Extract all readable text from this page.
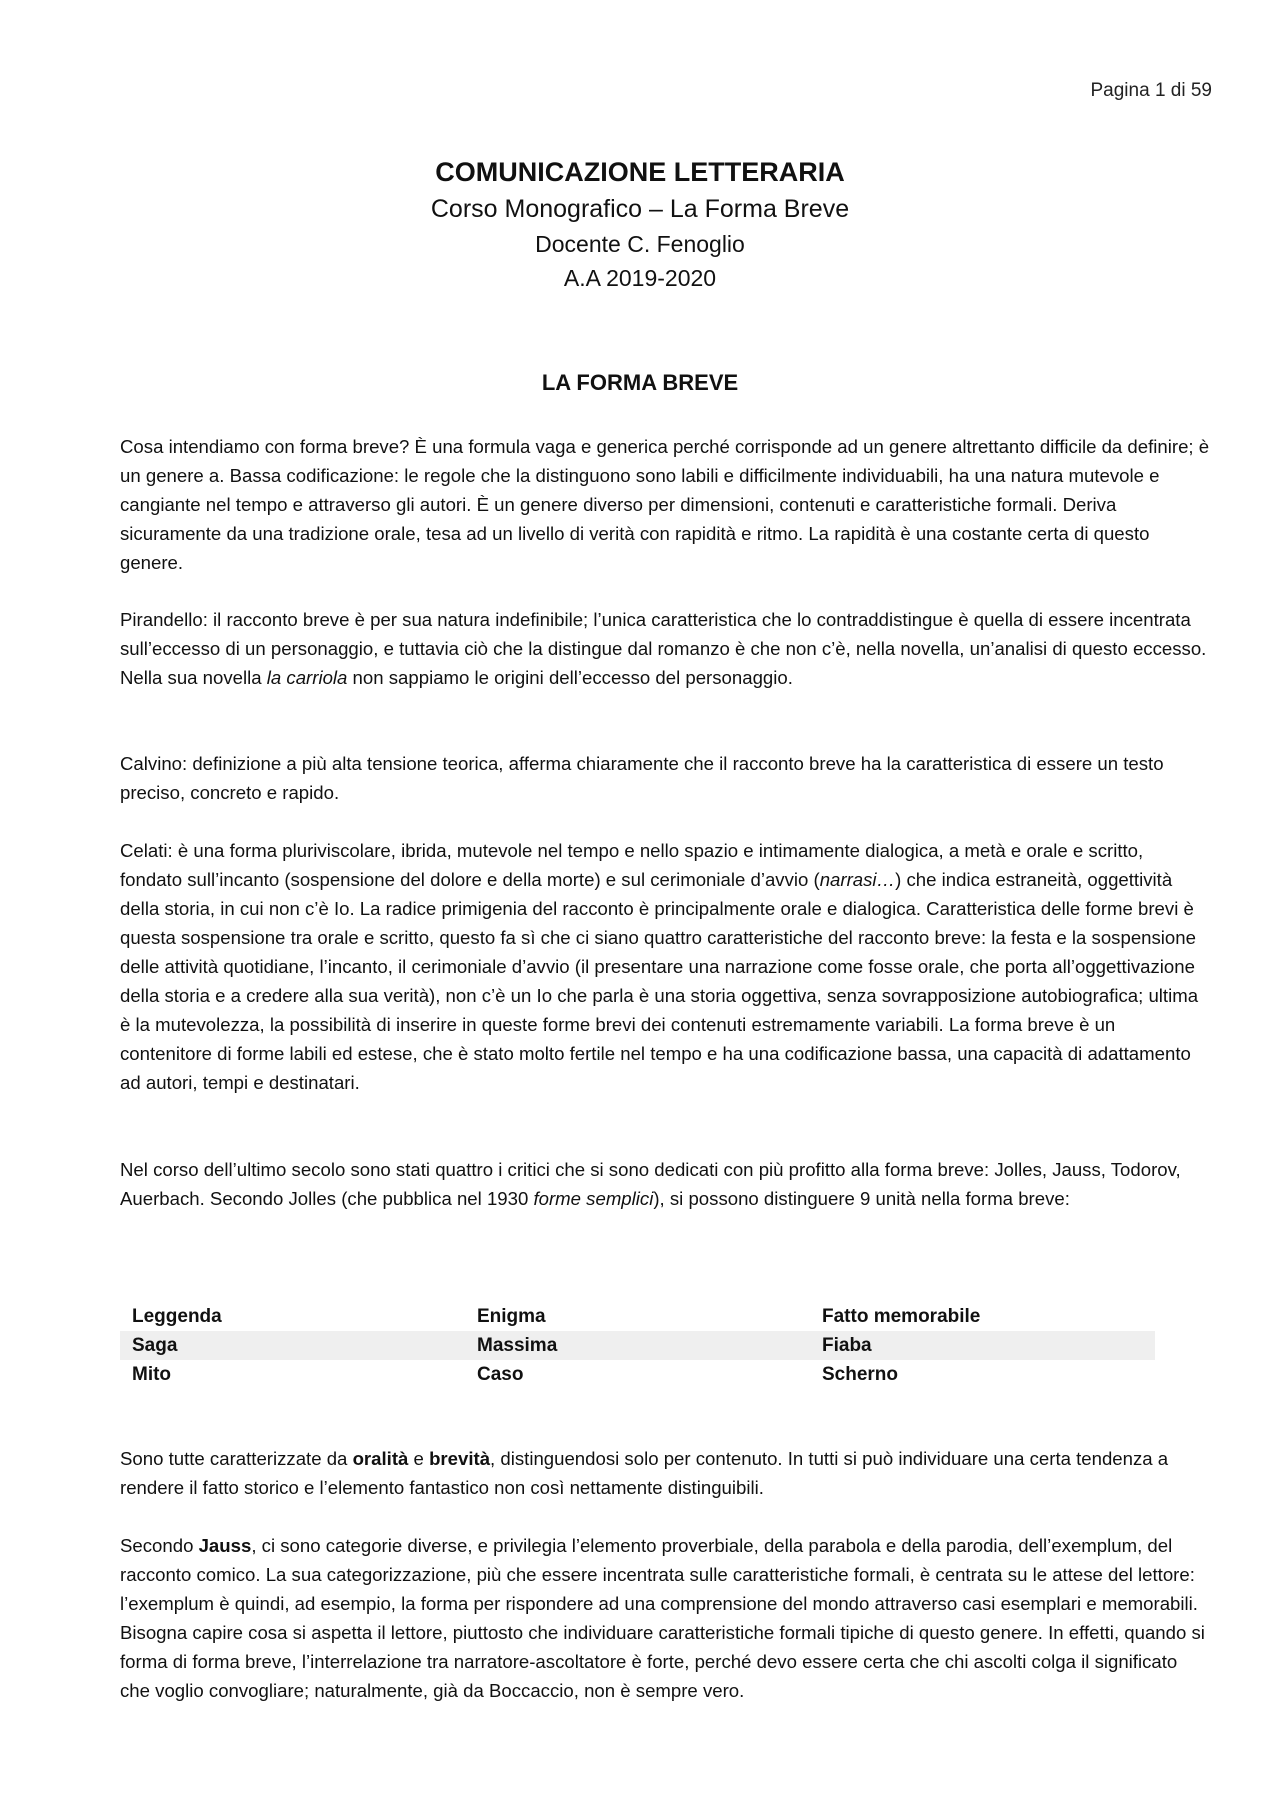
Pagina 1 di 59

COMUNICAZIONE LETTERARIA

Corso Monografico – La Forma Breve

Docente C. Fenoglio

A.A 2019-2020

LA FORMA BREVE

Cosa intendiamo con forma breve? È una formula vaga e generica perché corrisponde ad un genere altrettanto difficile da definire; è un genere a. Bassa codificazione: le regole che la distinguono sono labili e difficilmente individuabili, ha una natura mutevole e cangiante nel tempo e attraverso gli autori. È un genere diverso per dimensioni, contenuti e caratteristiche formali. Deriva sicuramente da una tradizione orale, tesa ad un livello di verità con rapidità e ritmo. La rapidità è una costante certa di questo genere.

Pirandello: il racconto breve è per sua natura indefinibile; l’unica caratteristica che lo contraddistingue è quella di essere incentrata sull’eccesso di un personaggio, e tuttavia ciò che la distingue dal romanzo è che non c’è, nella novella, un’analisi di questo eccesso. Nella sua novella la carriola non sappiamo le origini dell’eccesso del personaggio.

Calvino: definizione a più alta tensione teorica, afferma chiaramente che il racconto breve ha la caratteristica di essere un testo preciso, concreto e rapido.

Celati: è una forma pluriviscolare, ibrida, mutevole nel tempo e nello spazio e intimamente dialogica, a metà e orale e scritto, fondato sull’incanto (sospensione del dolore e della morte) e sul cerimoniale d’avvio (narrasi…) che indica estraneità, oggettività della storia, in cui non c’è Io. La radice primigenia del racconto è principalmente orale e dialogica. Caratteristica delle forme brevi è questa sospensione tra orale e scritto, questo fa sì che ci siano quattro caratteristiche del racconto breve: la festa e la sospensione delle attività quotidiane, l’incanto, il cerimoniale d’avvio (il presentare una narrazione come fosse orale, che porta all’oggettivazione della storia e a credere alla sua verità), non c’è un Io che parla è una storia oggettiva, senza sovrapposizione autobiografica; ultima è la mutevolezza, la possibilità di inserire in queste forme brevi dei contenuti estremamente variabili. La forma breve è un contenitore di forme labili ed estese, che è stato molto fertile nel tempo e ha una codificazione bassa, una capacità di adattamento ad autori, tempi e destinatari.

Nel corso dell’ultimo secolo sono stati quattro i critici che si sono dedicati con più profitto alla forma breve: Jolles, Jauss, Todorov, Auerbach. Secondo Jolles (che pubblica nel 1930 forme semplici), si possono distinguere 9 unità nella forma breve:

Leggenda	Enigma	Fatto memorabile
Saga	Massima	Fiaba
Mito	Caso	Scherno

Sono tutte caratterizzate da oralità e brevità, distinguendosi solo per contenuto. In tutti si può individuare una certa tendenza a rendere il fatto storico e l’elemento fantastico non così nettamente distinguibili.

Secondo Jauss, ci sono categorie diverse, e privilegia l’elemento proverbiale, della parabola e della parodia, dell’exemplum, del racconto comico. La sua categorizzazione, più che essere incentrata sulle caratteristiche formali, è centrata su le attese del lettore: l’exemplum è quindi, ad esempio, la forma per rispondere ad una comprensione del mondo attraverso casi esemplari e memorabili. Bisogna capire cosa si aspetta il lettore, piuttosto che individuare caratteristiche formali tipiche di questo genere. In effetti, quando si forma di forma breve, l’interrelazione tra narratore-ascoltatore è forte, perché devo essere certa che chi ascolti colga il significato che voglio convogliare; naturalmente, già da Boccaccio, non è sempre vero.
